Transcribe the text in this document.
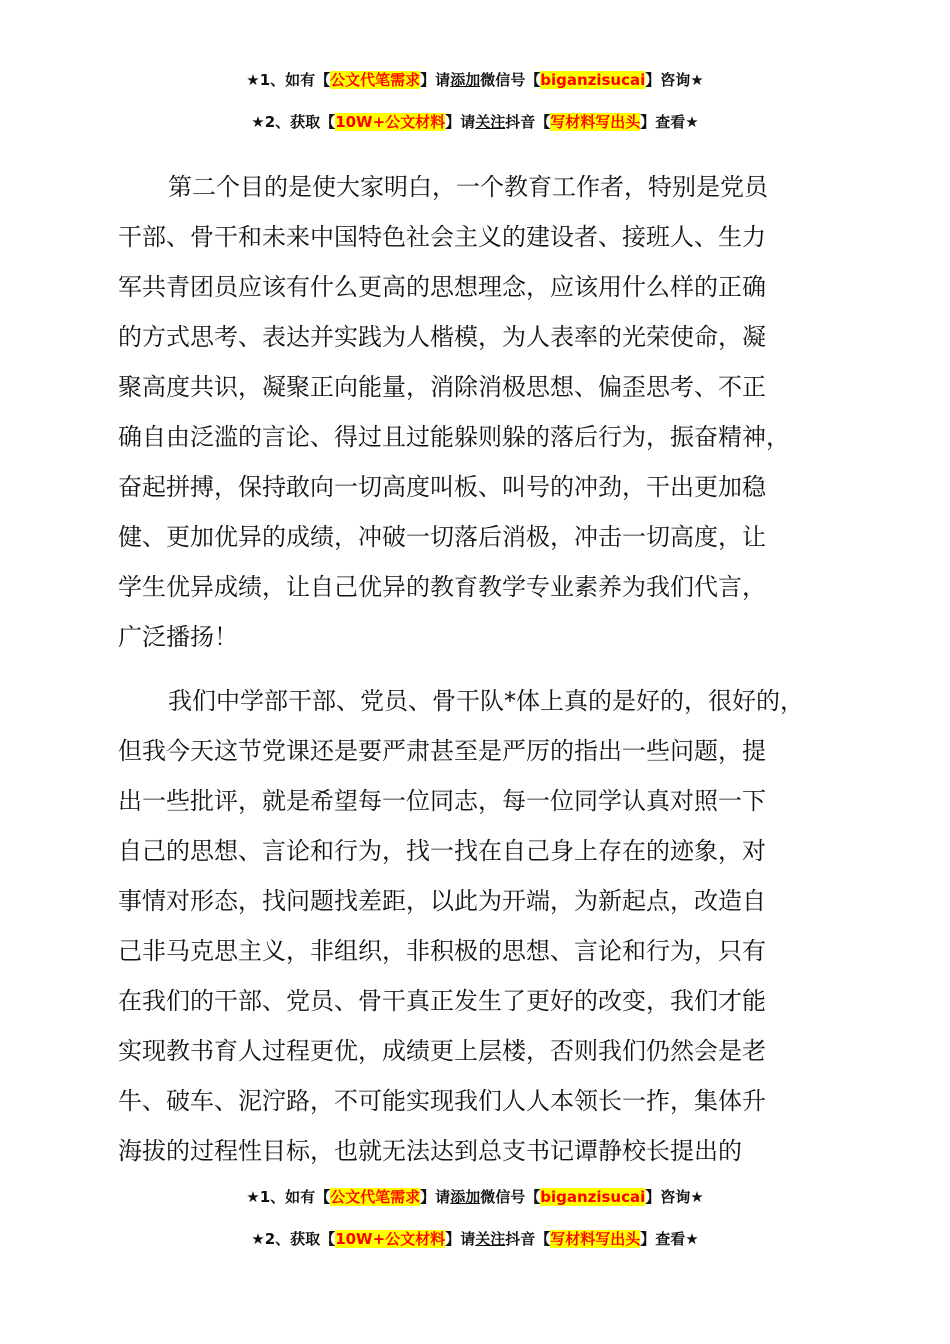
★1、如有【公文代笔需求】请添加微信号【biganzisucai】咨询★
★2、获取【10W+公文材料】请关注抖音【写材料写出头】查看★
第二个目的是使大家明白，一个教育工作者，特别是党员
干部、骨干和未来中国特色社会主义的建设者、接班人、生力
军共青团员应该有什么更高的思想理念，应该用什么样的正确
的方式思考、表达并实践为人楷模，为人表率的光荣使命，凝
聚高度共识，凝聚正向能量，消除消极思想、偏歪思考、不正
确自由泛滥的言论、得过且过能躲则躲的落后行为，振奋精神，
奋起拼搏，保持敢向一切高度叫板、叫号的冲劲，干出更加稳
健、更加优异的成绩，冲破一切落后消极，冲击一切高度，让
学生优异成绩，让自己优异的教育教学专业素养为我们代言，
广泛播扬！
我们中学部干部、党员、骨干队*体上真的是好的，很好的，
但我今天这节党课还是要严肃甚至是严厉的指出一些问题，提
出一些批评，就是希望每一位同志，每一位同学认真对照一下
自己的思想、言论和行为，找一找在自己身上存在的迹象，对
事情对形态，找问题找差距，以此为开端，为新起点，改造自
己非马克思主义，非组织，非积极的思想、言论和行为，只有
在我们的干部、党员、骨干真正发生了更好的改变，我们才能
实现教书育人过程更优，成绩更上层楼，否则我们仍然会是老
牛、破车、泥泞路，不可能实现我们人人本领长一拃，集体升
海拔的过程性目标，也就无法达到总支书记谭静校长提出的
★1、如有【公文代笔需求】请添加微信号【biganzisucai】咨询★
★2、获取【10W+公文材料】请关注抖音【写材料写出头】查看★
